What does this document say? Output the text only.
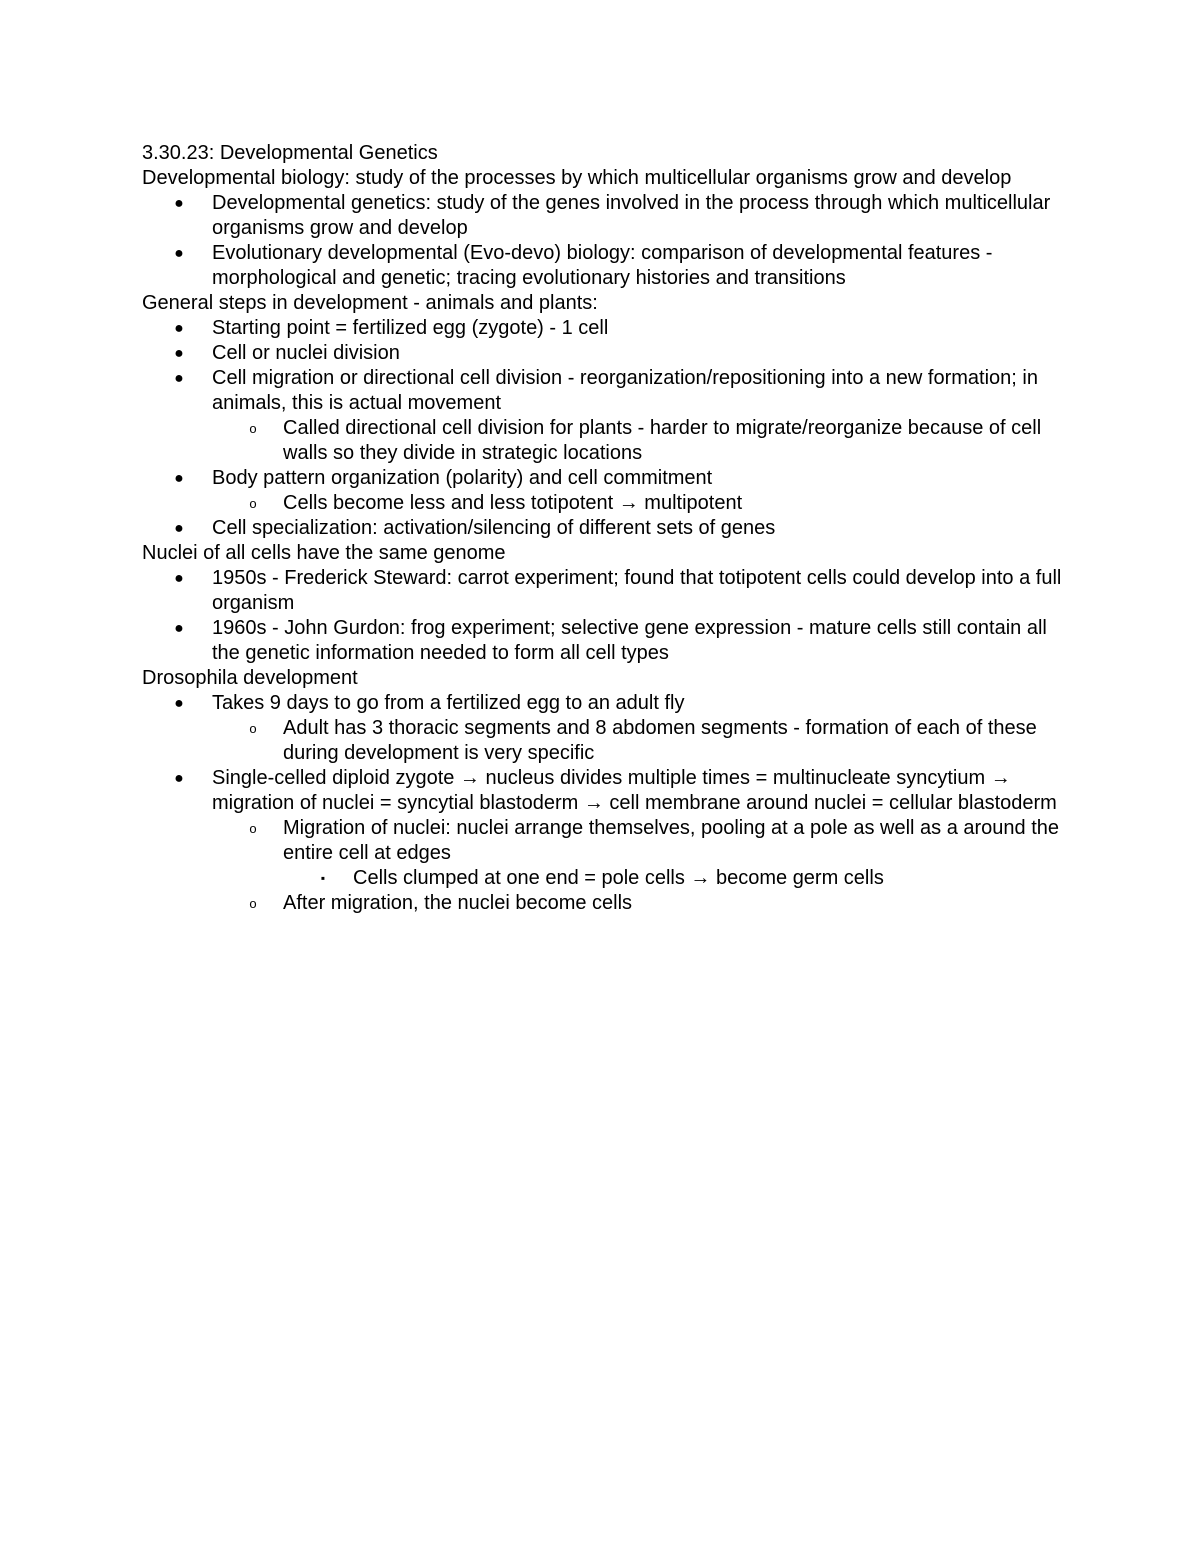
3.30.23: Developmental Genetics
Developmental biology: study of the processes by which multicellular organisms grow and develop
● Developmental genetics: study of the genes involved in the process through which multicellular organisms grow and develop
● Evolutionary developmental (Evo-devo) biology: comparison of developmental features - morphological and genetic; tracing evolutionary histories and transitions
General steps in development - animals and plants:
● Starting point = fertilized egg (zygote) - 1 cell
● Cell or nuclei division
● Cell migration or directional cell division - reorganization/repositioning into a new formation; in animals, this is actual movement
o Called directional cell division for plants - harder to migrate/reorganize because of cell walls so they divide in strategic locations
● Body pattern organization (polarity) and cell commitment
o Cells become less and less totipotent → multipotent
● Cell specialization: activation/silencing of different sets of genes
Nuclei of all cells have the same genome
● 1950s - Frederick Steward: carrot experiment; found that totipotent cells could develop into a full organism
● 1960s - John Gurdon: frog experiment; selective gene expression - mature cells still contain all the genetic information needed to form all cell types
Drosophila development
● Takes 9 days to go from a fertilized egg to an adult fly
o Adult has 3 thoracic segments and 8 abdomen segments - formation of each of these during development is very specific
● Single-celled diploid zygote → nucleus divides multiple times = multinucleate syncytium → migration of nuclei = syncytial blastoderm → cell membrane around nuclei = cellular blastoderm
o Migration of nuclei: nuclei arrange themselves, pooling at a pole as well as a around the entire cell at edges
▪ Cells clumped at one end = pole cells → become germ cells
o After migration, the nuclei become cells
